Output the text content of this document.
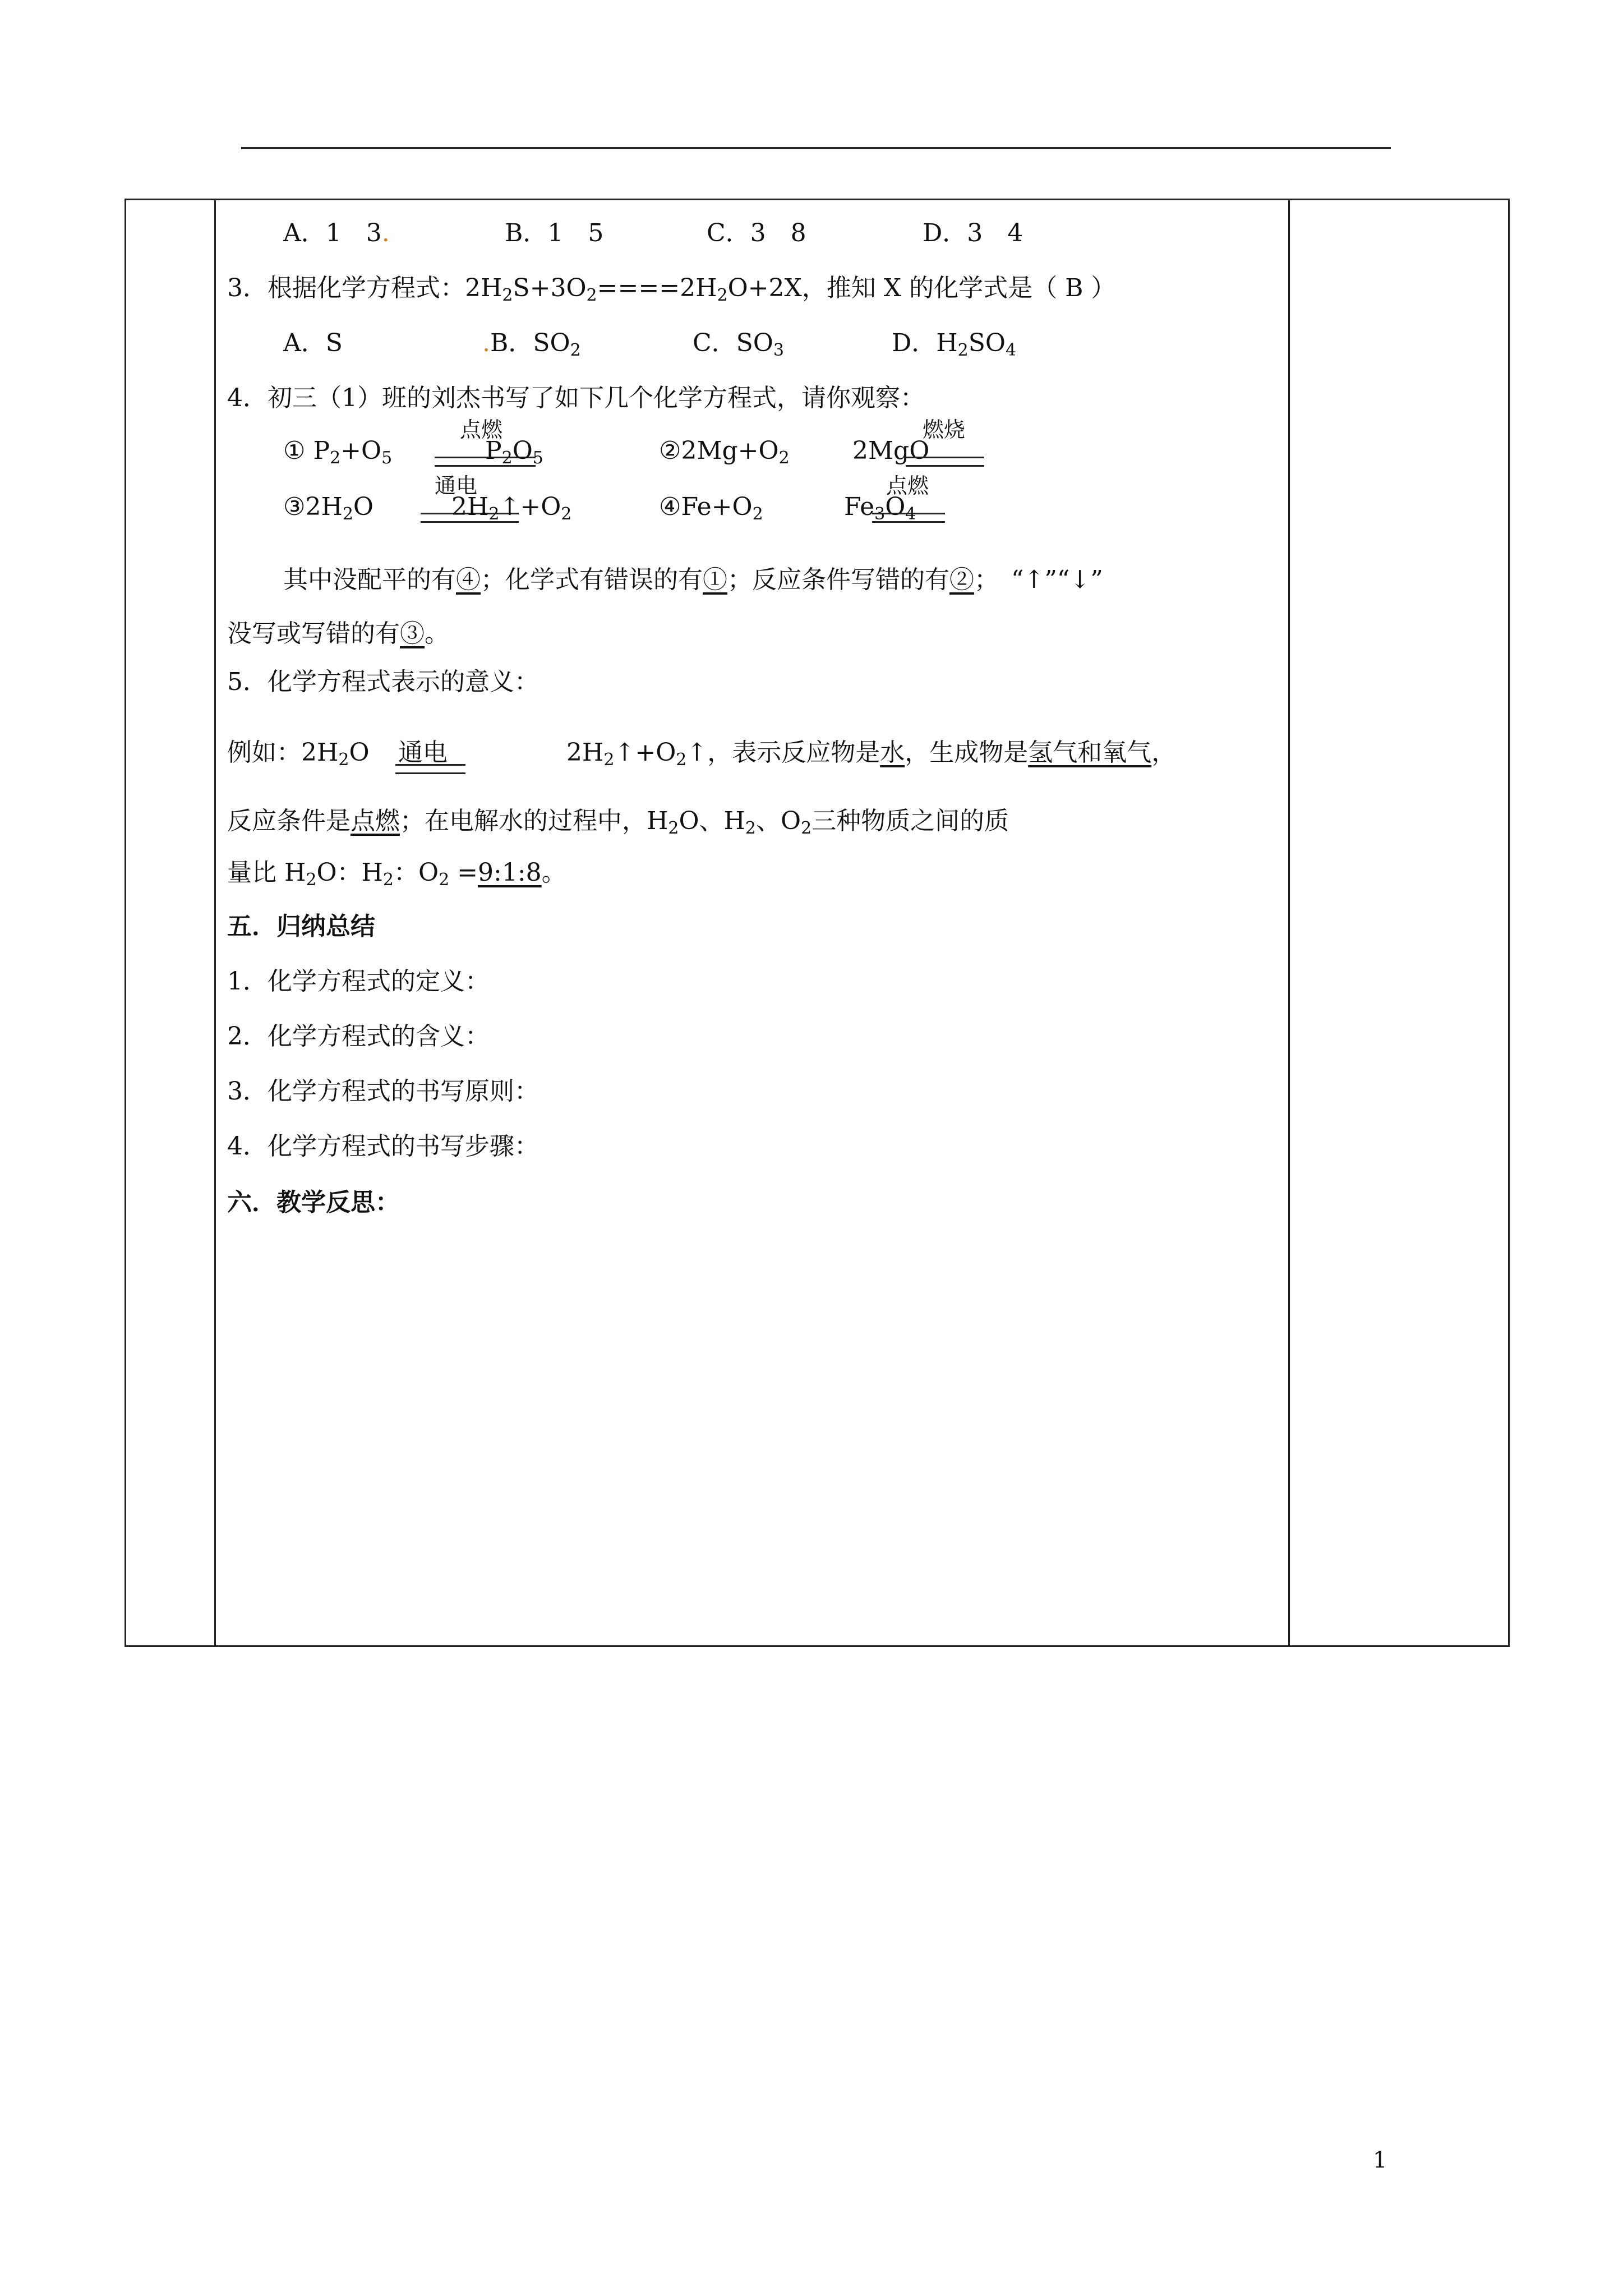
A．1　3.	B．1　5	C．3　8	D．3　4
3．根据化学方程式：$2H_2S+3O_2====2H_2O+2X$，推知 X 的化学式是（ B ）
A．S	.B．$SO_2$	C．$SO_3$	D．$H_2SO_4$
4．初三（1）班的刘杰书写了如下几个化学方程式，请你观察：
① $P_2+O_5$
点燃
$P_2O_5$	$②2Mg+O_2$	2MgO
燃烧
$③2H_2O$
通电
$2H_2↑+O_2$	$④Fe+O_2$	$Fe_3O_4$
点燃
其中没配平的有④；化学式有错误的有①；反应条件写错的有②；　“↑”“↓”
没写或写错的有③。
5．化学方程式表示的意义：
例如：$2H_2O$ 通电	$2H_2↑+O_2↑$，表示反应物是水，生成物是氢气和氧气，
反应条件是点燃；在电解水的过程中，$H_2O$、$H_2$、$O_2$三种物质之间的质
量比 $H_2O$：$H_2$：$O_2$ =9:1:8。
五．归纳总结
1．化学方程式的定义：
2．化学方程式的含义：
3．化学方程式的书写原则：
4．化学方程式的书写步骤：
六．教学反思：
1
